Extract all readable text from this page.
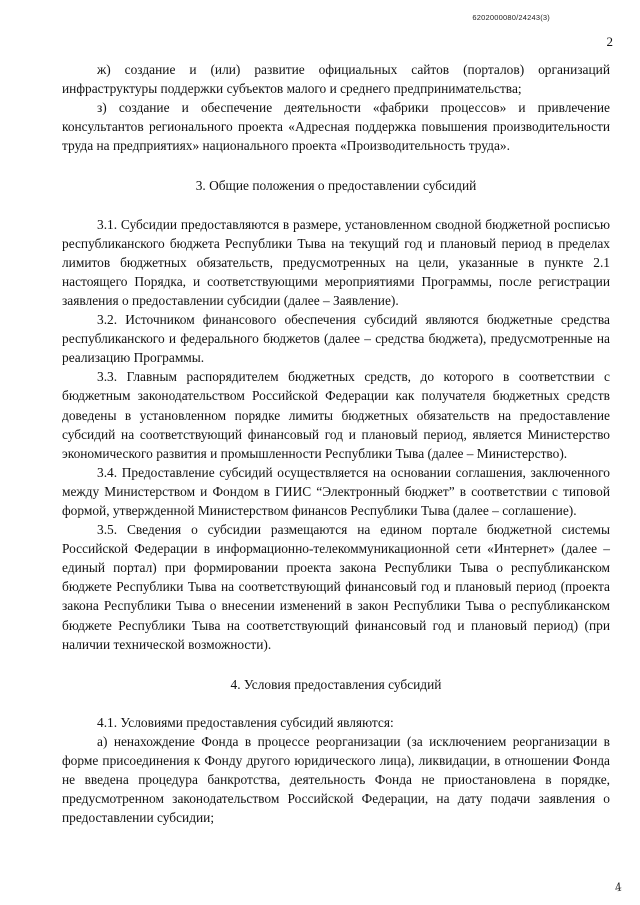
6202000080/24243(3)
2

ж) создание и (или) развитие официальных сайтов (порталов) организаций инфраструктуры поддержки субъектов малого и среднего предпринимательства;

з) создание и обеспечение деятельности «фабрики процессов» и привлечение консультантов регионального проекта «Адресная поддержка повышения производительности труда на предприятиях» национального проекта «Производительность труда».

3. Общие положения о предоставлении субсидий

3.1. Субсидии предоставляются в размере, установленном сводной бюджетной росписью республиканского бюджета Республики Тыва на текущий год и плановый период в пределах лимитов бюджетных обязательств, предусмотренных на цели, указанные в пункте 2.1 настоящего Порядка, и соответствующими мероприятиями Программы, после регистрации заявления о предоставлении субсидии (далее – Заявление).

3.2. Источником финансового обеспечения субсидий являются бюджетные средства республиканского и федерального бюджетов (далее – средства бюджета), предусмотренные на реализацию Программы.

3.3. Главным распорядителем бюджетных средств, до которого в соответствии с бюджетным законодательством Российской Федерации как получателя бюджетных средств доведены в установленном порядке лимиты бюджетных обязательств на предоставление субсидий на соответствующий финансовый год и плановый период, является Министерство экономического развития и промышленности Республики Тыва (далее – Министерство).

3.4. Предоставление субсидий осуществляется на основании соглашения, заключенного между Министерством и Фондом в ГИИС “Электронный бюджет” в соответствии с типовой формой, утвержденной Министерством финансов Республики Тыва (далее – соглашение).

3.5. Сведения о субсидии размещаются на едином портале бюджетной системы Российской Федерации в информационно-телекоммуникационной сети «Интернет» (далее – единый портал) при формировании проекта закона Республики Тыва о республиканском бюджете Республики Тыва на соответствующий финансовый год и плановый период (проекта закона Республики Тыва о внесении изменений в закон Республики Тыва о республиканском бюджете Республики Тыва на соответствующий финансовый год и плановый период) (при наличии технической возможности).

4. Условия предоставления субсидий

4.1. Условиями предоставления субсидий являются:

а) ненахождение Фонда в процессе реорганизации (за исключением реорганизации в форме присоединения к Фонду другого юридического лица), ликвидации, в отношении Фонда не введена процедура банкротства, деятельность Фонда не приостановлена в порядке, предусмотренном законодательством Российской Федерации, на дату подачи заявления о предоставлении субсидии;

4
